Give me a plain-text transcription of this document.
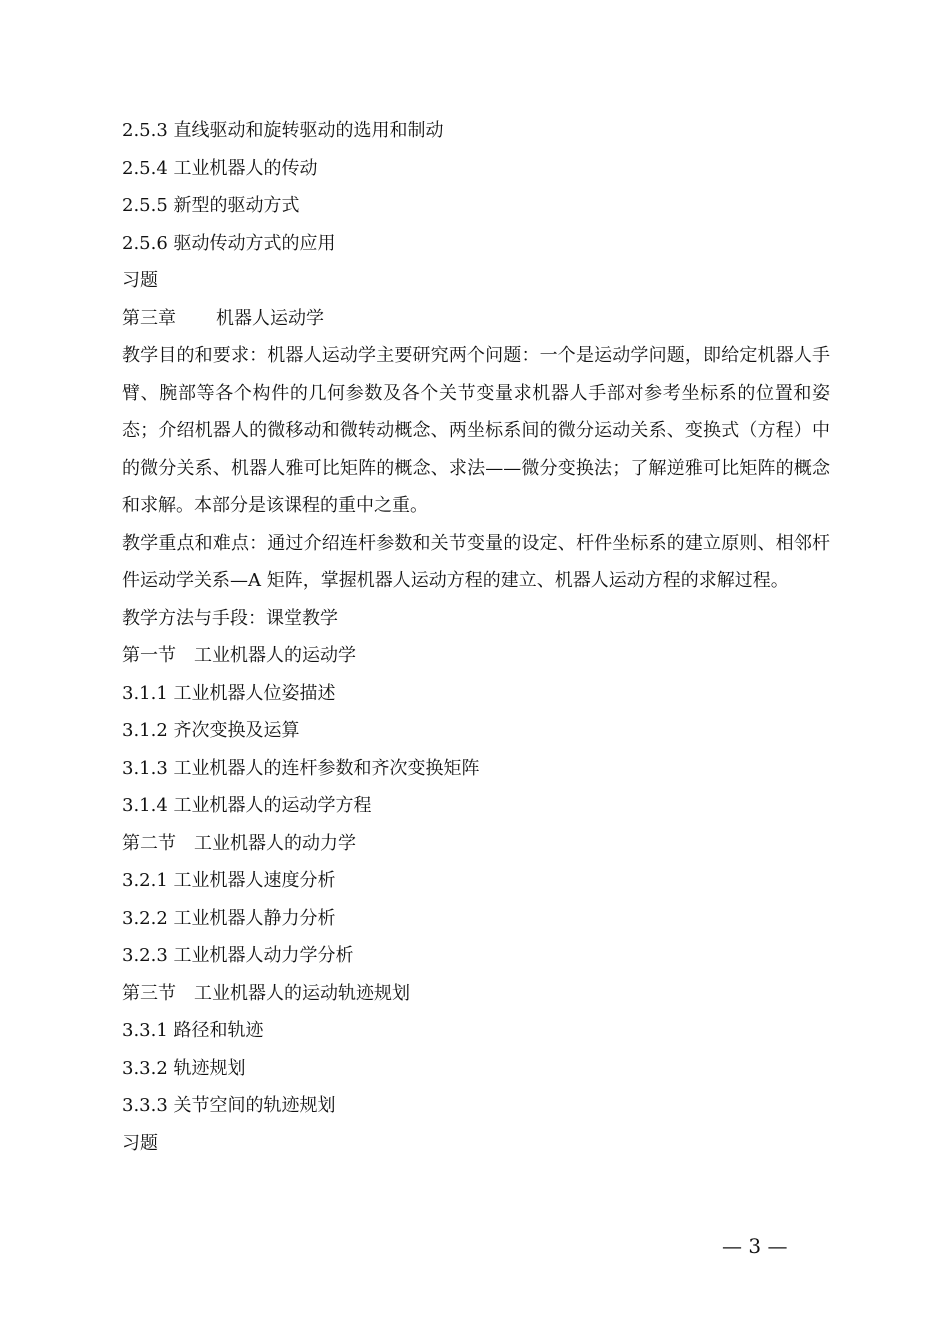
2.5.3 直线驱动和旋转驱动的选用和制动
2.5.4 工业机器人的传动
2.5.5 新型的驱动方式
2.5.6 驱动传动方式的应用
习题
第三章 机器人运动学
教学目的和要求：机器人运动学主要研究两个问题：一个是运动学问题，即给定机器人手臂、腕部等各个构件的几何参数及各个关节变量求机器人手部对参考坐标系的位置和姿态；介绍机器人的微移动和微转动概念、两坐标系间的微分运动关系、变换式（方程）中的微分关系、机器人雅可比矩阵的概念、求法——微分变换法；了解逆雅可比矩阵的概念和求解。本部分是该课程的重中之重。
教学重点和难点：通过介绍连杆参数和关节变量的设定、杆件坐标系的建立原则、相邻杆件运动学关系—A 矩阵，掌握机器人运动方程的建立、机器人运动方程的求解过程。
教学方法与手段：课堂教学
第一节 工业机器人的运动学
3.1.1 工业机器人位姿描述
3.1.2 齐次变换及运算
3.1.3 工业机器人的连杆参数和齐次变换矩阵
3.1.4 工业机器人的运动学方程
第二节 工业机器人的动力学
3.2.1 工业机器人速度分析
3.2.2 工业机器人静力分析
3.2.3 工业机器人动力学分析
第三节 工业机器人的运动轨迹规划
3.3.1 路径和轨迹
3.3.2 轨迹规划
3.3.3 关节空间的轨迹规划
习题
— 3 —
